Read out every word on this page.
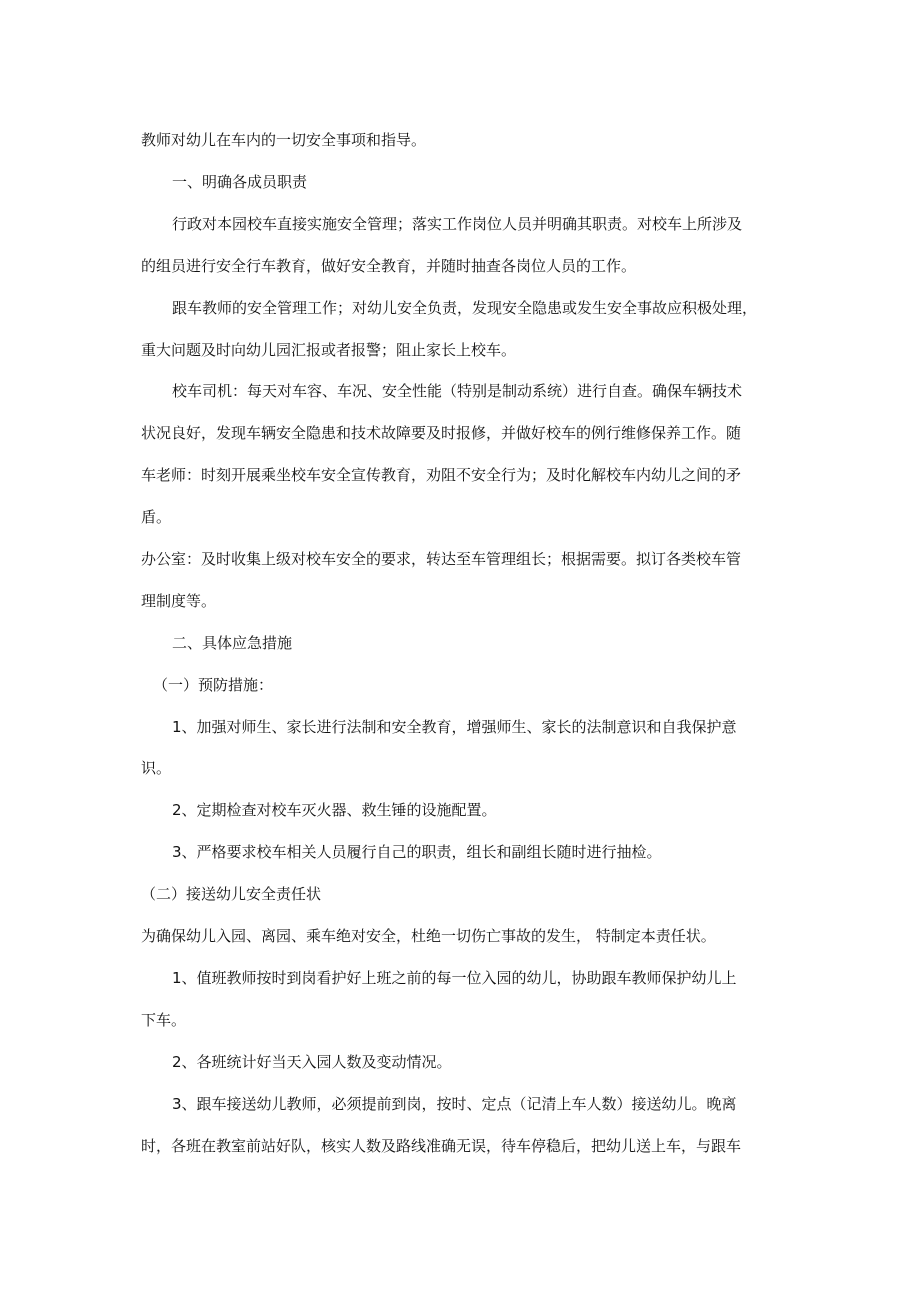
教师对幼儿在车内的一切安全事项和指导。
一、明确各成员职责
行政对本园校车直接实施安全管理；落实工作岗位人员并明确其职责。对校车上所涉及
的组员进行安全行车教育，做好安全教育，并随时抽查各岗位人员的工作。
跟车教师的安全管理工作；对幼儿安全负责，发现安全隐患或发生安全事故应积极处理，
重大问题及时向幼儿园汇报或者报警；阻止家长上校车。
校车司机：每天对车容、车况、安全性能（特别是制动系统）进行自查。确保车辆技术
状况良好，发现车辆安全隐患和技术故障要及时报修，并做好校车的例行维修保养工作。随
车老师：时刻开展乘坐校车安全宣传教育，劝阻不安全行为；及时化解校车内幼儿之间的矛
盾。
办公室：及时收集上级对校车安全的要求，转达至车管理组长；根据需要。拟订各类校车管
理制度等。
二、具体应急措施
（一）预防措施：
1、加强对师生、家长进行法制和安全教育，增强师生、家长的法制意识和自我保护意
识。
2、定期检查对校车灭火器、救生锤的设施配置。
3、严格要求校车相关人员履行自己的职责，组长和副组长随时进行抽检。
（二）接送幼儿安全责任状
为确保幼儿入园、离园、乘车绝对安全，杜绝一切伤亡事故的发生， 特制定本责任状。
1、值班教师按时到岗看护好上班之前的每一位入园的幼儿，协助跟车教师保护幼儿上
下车。
2、各班统计好当天入园人数及变动情况。
3、跟车接送幼儿教师，必须提前到岗，按时、定点（记清上车人数）接送幼儿。晚离
时，各班在教室前站好队，核实人数及路线准确无误，待车停稳后，把幼儿送上车，与跟车
